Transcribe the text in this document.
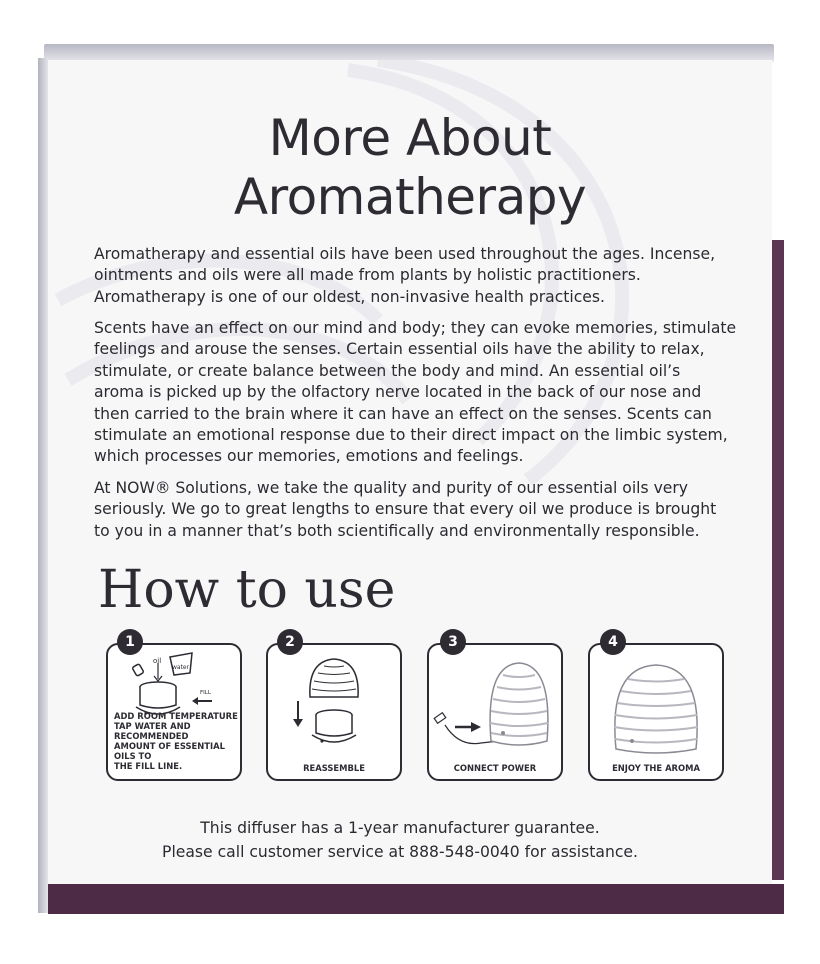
More About
Aromatherapy

Aromatherapy and essential oils have been used throughout the ages. Incense,
ointments and oils were all made from plants by holistic practitioners.
Aromatherapy is one of our oldest, non-invasive health practices.

Scents have an effect on our mind and body; they can evoke memories, stimulate
feelings and arouse the senses. Certain essential oils have the ability to relax,
stimulate, or create balance between the body and mind. An essential oil’s
aroma is picked up by the olfactory nerve located in the back of our nose and
then carried to the brain where it can have an effect on the senses. Scents can
stimulate an emotional response due to their direct impact on the limbic system,
which processes our memories, emotions and feelings.

At NOW® Solutions, we take the quality and purity of our essential oils very
seriously. We go to great lengths to ensure that every oil we produce is brought
to you in a manner that’s both scientifically and environmentally responsible.

How to use
oil
water
FILL
ADD ROOM TEMPERATURE
TAP WATER AND RECOMMENDED
AMOUNT OF ESSENTIAL OILS TO
THE FILL LINE.
1
REASSEMBLE
2
CONNECT POWER
3
ENJOY THE AROMA
4
This diffuser has a 1-year manufacturer guarantee.
Please call customer service at 888-548-0040 for assistance.
